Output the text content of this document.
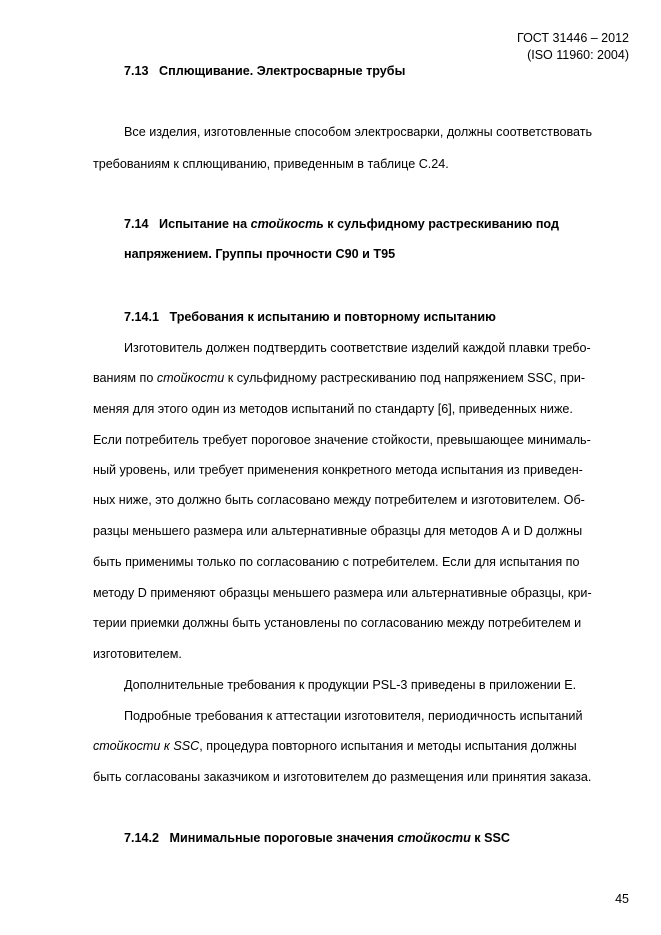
ГОСТ 31446 – 2012
(ISO 11960: 2004)
7.13 Сплющивание. Электросварные трубы
Все изделия, изготовленные способом электросварки, должны соответствовать
требованиям к сплющиванию, приведенным в таблице С.24.
7.14 Испытание на стойкость к сульфидному растрескиванию под
напряжением. Группы прочности С90 и Т95
7.14.1 Требования к испытанию и повторному испытанию
Изготовитель должен подтвердить соответствие изделий каждой плавки требо-
ваниям по стойкости к сульфидному растрескиванию под напряжением SSC, при-
меняя для этого один из методов испытаний по стандарту [6], приведенных ниже.
Если потребитель требует пороговое значение стойкости, превышающее минималь-
ный уровень, или требует применения конкретного метода испытания из приведен-
ных ниже, это должно быть согласовано между потребителем и изготовителем. Об-
разцы меньшего размера или альтернативные образцы для методов А и D должны
быть применимы только по согласованию с потребителем. Если для испытания по
методу D применяют образцы меньшего размера или альтернативные образцы, кри-
терии приемки должны быть установлены по согласованию между потребителем и
изготовителем.
Дополнительные требования к продукции PSL-3 приведены в приложении Е.
Подробные требования к аттестации изготовителя, периодичность испытаний
стойкости к SSC, процедура повторного испытания и методы испытания должны
быть согласованы заказчиком и изготовителем до размещения или принятия заказа.
7.14.2 Минимальные пороговые значения стойкости к SSC
45
